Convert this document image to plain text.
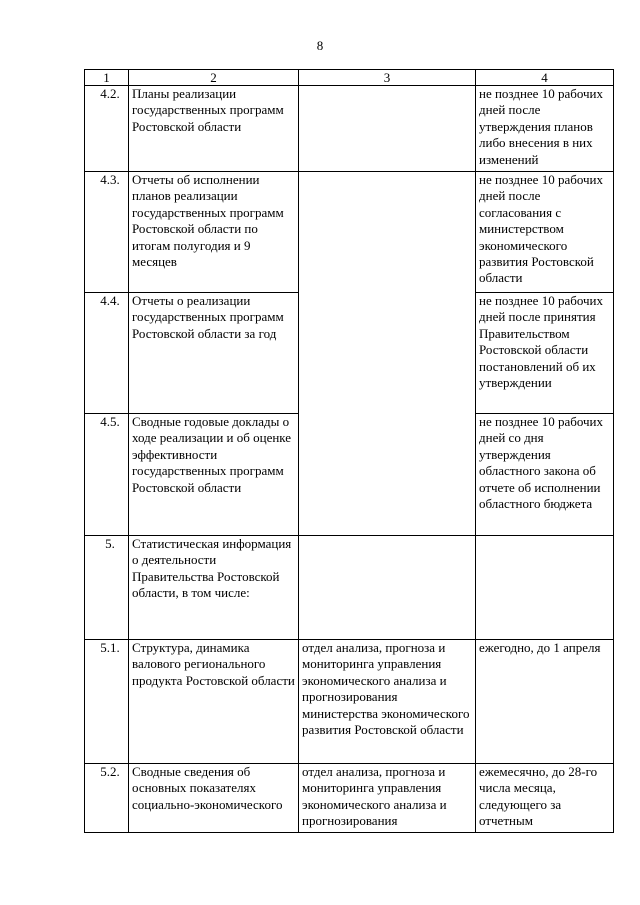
8
1	2	3	4
4.2.	Планы реализации государственных программ Ростовской области		не позднее 10 рабочих дней после утверждения планов либо внесения в них изменений
4.3.	Отчеты об исполнении планов реализации государственных программ Ростовской области по итогам полугодия и 9 месяцев		не позднее 10 рабочих дней после согласования с министерством экономического развития Ростовской области
4.4.	Отчеты о реализации государственных программ Ростовской области за год		не позднее 10 рабочих дней после принятия Правительством Ростовской области постановлений об их утверждении
4.5.	Сводные годовые доклады о ходе реализации и об оценке эффективности государственных программ Ростовской области		не позднее 10 рабочих дней со дня утверждения областного закона об отчете об исполнении областного бюджета
5.	Статистическая информация о деятельности Правительства Ростовской области, в том числе:		
5.1.	Структура, динамика валового регионального продукта Ростовской области	отдел анализа, прогноза и мониторинга управления экономического анализа и прогнозирования министерства экономического развития Ростовской области	ежегодно, до 1 апреля
5.2.	Сводные сведения об основных показателях социально-экономического	отдел анализа, прогноза и мониторинга управления экономического анализа и прогнозирования	ежемесячно, до 28-го числа месяца, следующего за отчетным
